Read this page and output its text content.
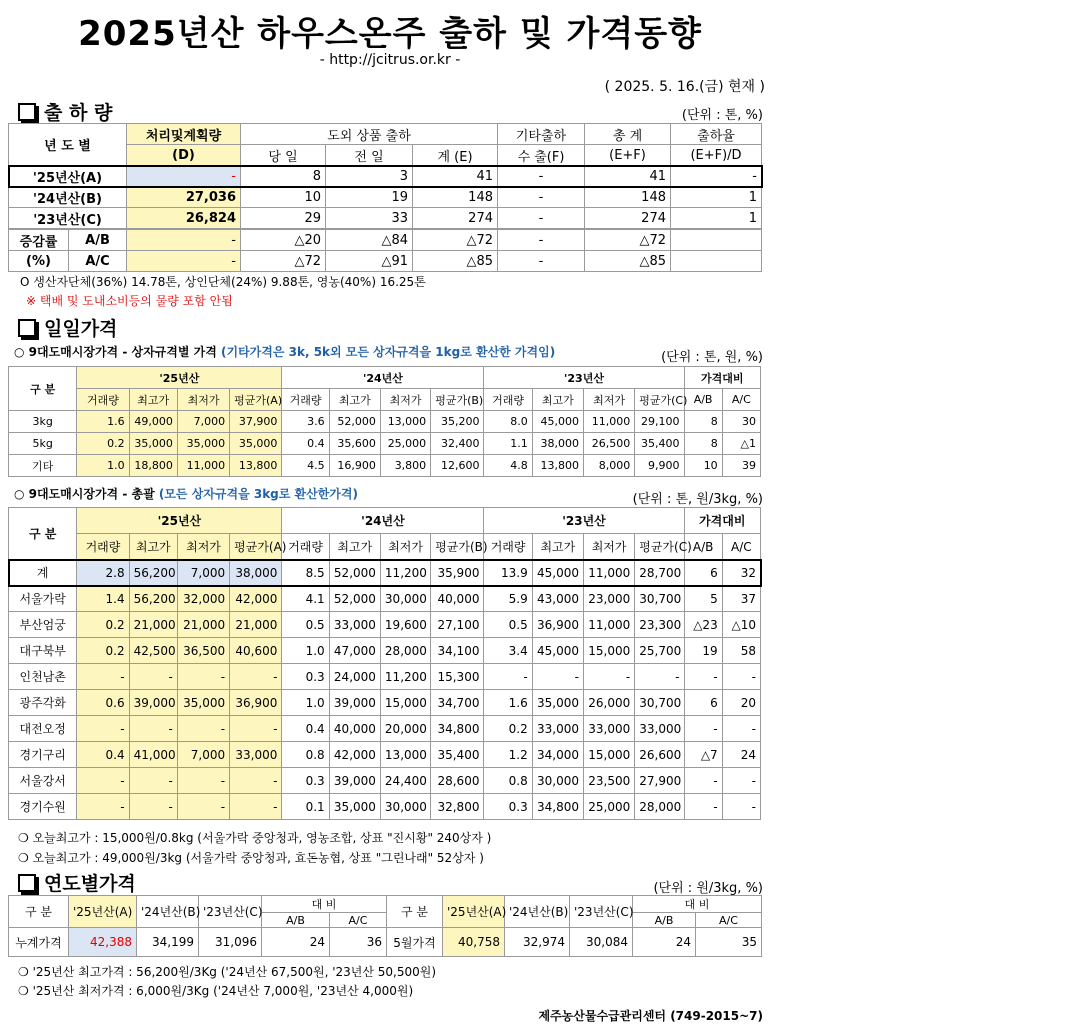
2025년산 하우스온주 출하 및 가격동향
- http://jcitrus.or.kr -
( 2025. 5. 16.(금) 현재 )
출 하 량	(단위 : 톤, %)
년 도 별	처리및계획량	도외 상품 출하			기타출하	총 계	출하율
	(D)	당 일	전 일	계 (E)	수 출(F)	(E+F)	(E+F)/D
'25년산(A)	-	8	3	41	-	41	-
'24년산(B)	27,036	10	19	148	-	148	1
'23년산(C)	26,824	29	33	274	-	274	1
증감률	A/B	-	△20	△84	△72	-	△72	
(%)	A/C	-	△72	△91	△85	-	△85	
O 생산자단체(36%) 14.78톤, 상인단체(24%) 9.88톤, 영농(40%) 16.25톤
※ 택배 및 도내소비등의 물량 포함 안됨
일일가격
○ 9대도매시장가격 - 상자규격별 가격 (기타가격은 3k, 5k외 모든 상자규격을 1kg로 환산한 가격임)	(단위 : 톤, 원, %)
구 분	'25년산				'24년산				'23년산				가격대비	
	거래량	최고가	최저가	평균가(A)	거래량	최고가	최저가	평균가(B)	거래량	최고가	최저가	평균가(C)	A/B	A/C
3kg	1.6	49,000	7,000	37,900	3.6	52,000	13,000	35,200	8.0	45,000	11,000	29,100	8	30
5kg	0.2	35,000	35,000	35,000	0.4	35,600	25,000	32,400	1.1	38,000	26,500	35,400	8	△1
기타	1.0	18,800	11,000	13,800	4.5	16,900	3,800	12,600	4.8	13,800	8,000	9,900	10	39
○ 9대도매시장가격 - 총괄 (모든 상자규격을 3kg로 환산한가격)	(단위 : 톤, 원/3kg, %)
구 분	'25년산				'24년산				'23년산				가격대비	
	거래량	최고가	최저가	평균가(A)	거래량	최고가	최저가	평균가(B)	거래량	최고가	최저가	평균가(C)	A/B	A/C
계	2.8	56,200	7,000	38,000	8.5	52,000	11,200	35,900	13.9	45,000	11,000	28,700	6	32
서울가락	1.4	56,200	32,000	42,000	4.1	52,000	30,000	40,000	5.9	43,000	23,000	30,700	5	37
부산엄궁	0.2	21,000	21,000	21,000	0.5	33,000	19,600	27,100	0.5	36,900	11,000	23,300	△23	△10
대구북부	0.2	42,500	36,500	40,600	1.0	47,000	28,000	34,100	3.4	45,000	15,000	25,700	19	58
인천남촌	-	-	-	-	0.3	24,000	11,200	15,300	-	-	-	-	-	-
광주각화	0.6	39,000	35,000	36,900	1.0	39,000	15,000	34,700	1.6	35,000	26,000	30,700	6	20
대전오정	-	-	-	-	0.4	40,000	20,000	34,800	0.2	33,000	33,000	33,000	-	-
경기구리	0.4	41,000	7,000	33,000	0.8	42,000	13,000	35,400	1.2	34,000	15,000	26,600	△7	24
서울강서	-	-	-	-	0.3	39,000	24,400	28,600	0.8	30,000	23,500	27,900	-	-
경기수원	-	-	-	-	0.1	35,000	30,000	32,800	0.3	34,800	25,000	28,000	-	-
❍ 오늘최고가 : 15,000원/0.8kg (서울가락 중앙청과, 영농조합, 상표 "진시황" 240상자 )
❍ 오늘최고가 : 49,000원/3kg (서울가락 중앙청과, 효돈농협, 상표 "그린나래" 52상자 )
연도별가격	(단위 : 원/3kg, %)
구 분	'25년산(A)	'24년산(B)	'23년산(C)	대 비		구 분	'25년산(A)	'24년산(B)	'23년산(C)	대 비	
				A/B	A/C					A/B	A/C
누계가격	42,388	34,199	31,096	24	36	5월가격	40,758	32,974	30,084	24	35
❍ '25년산 최고가격 : 56,200원/3Kg ('24년산 67,500원, '23년산 50,500원)
❍ '25년산 최저가격 : 6,000원/3Kg ('24년산 7,000원, '23년산 4,000원)
제주농산물수급관리센터 (749-2015~7)
